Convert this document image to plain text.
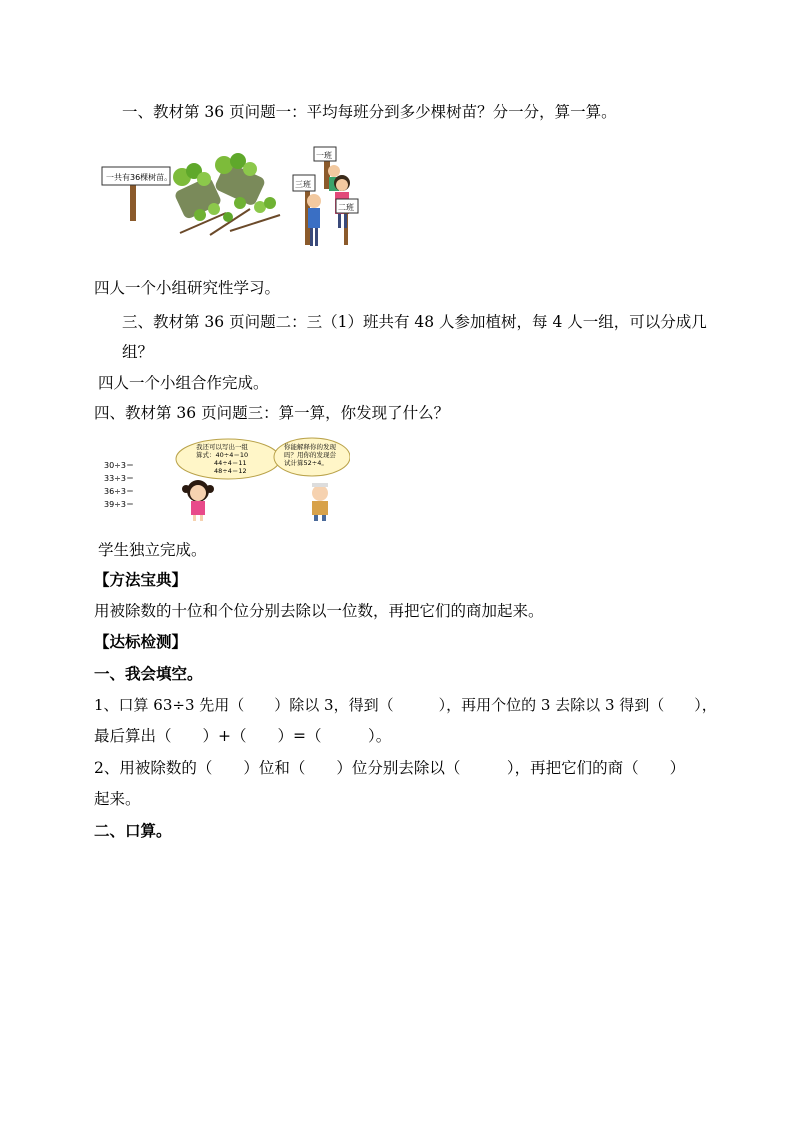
一、教材第 36 页问题一：平均每班分到多少棵树苗？分一分，算一算。
一共有36棵树苗。
一班
三班
二班
四人一个小组研究性学习。
三、教材第 36 页问题二：三（1）班共有 48 人参加植树，每 4 人一组，可以分成几
组？
四人一个小组合作完成。
四、教材第 36 页问题三：算一算，你发现了什么？
30÷3＝
33÷3＝
36÷3＝
39÷3＝
我还可以写出一组
算式：40÷4＝10
44÷4＝11
48÷4＝12
你能解释你的发现
吗？用你的发现尝
试计算52÷4。
学生独立完成。
【方法宝典】
用被除数的十位和个位分别去除以一位数，再把它们的商加起来。
【达标检测】
一、我会填空。
1、口算 63÷3 先用（　　）除以 3，得到（　　　），再用个位的 3 去除以 3 得到（　　），
最后算出（　　）+（　　）=（　　　）。
2、用被除数的（　　）位和（　　）位分别去除以（　　　），再把它们的商（　　）
起来。
二、口算。
